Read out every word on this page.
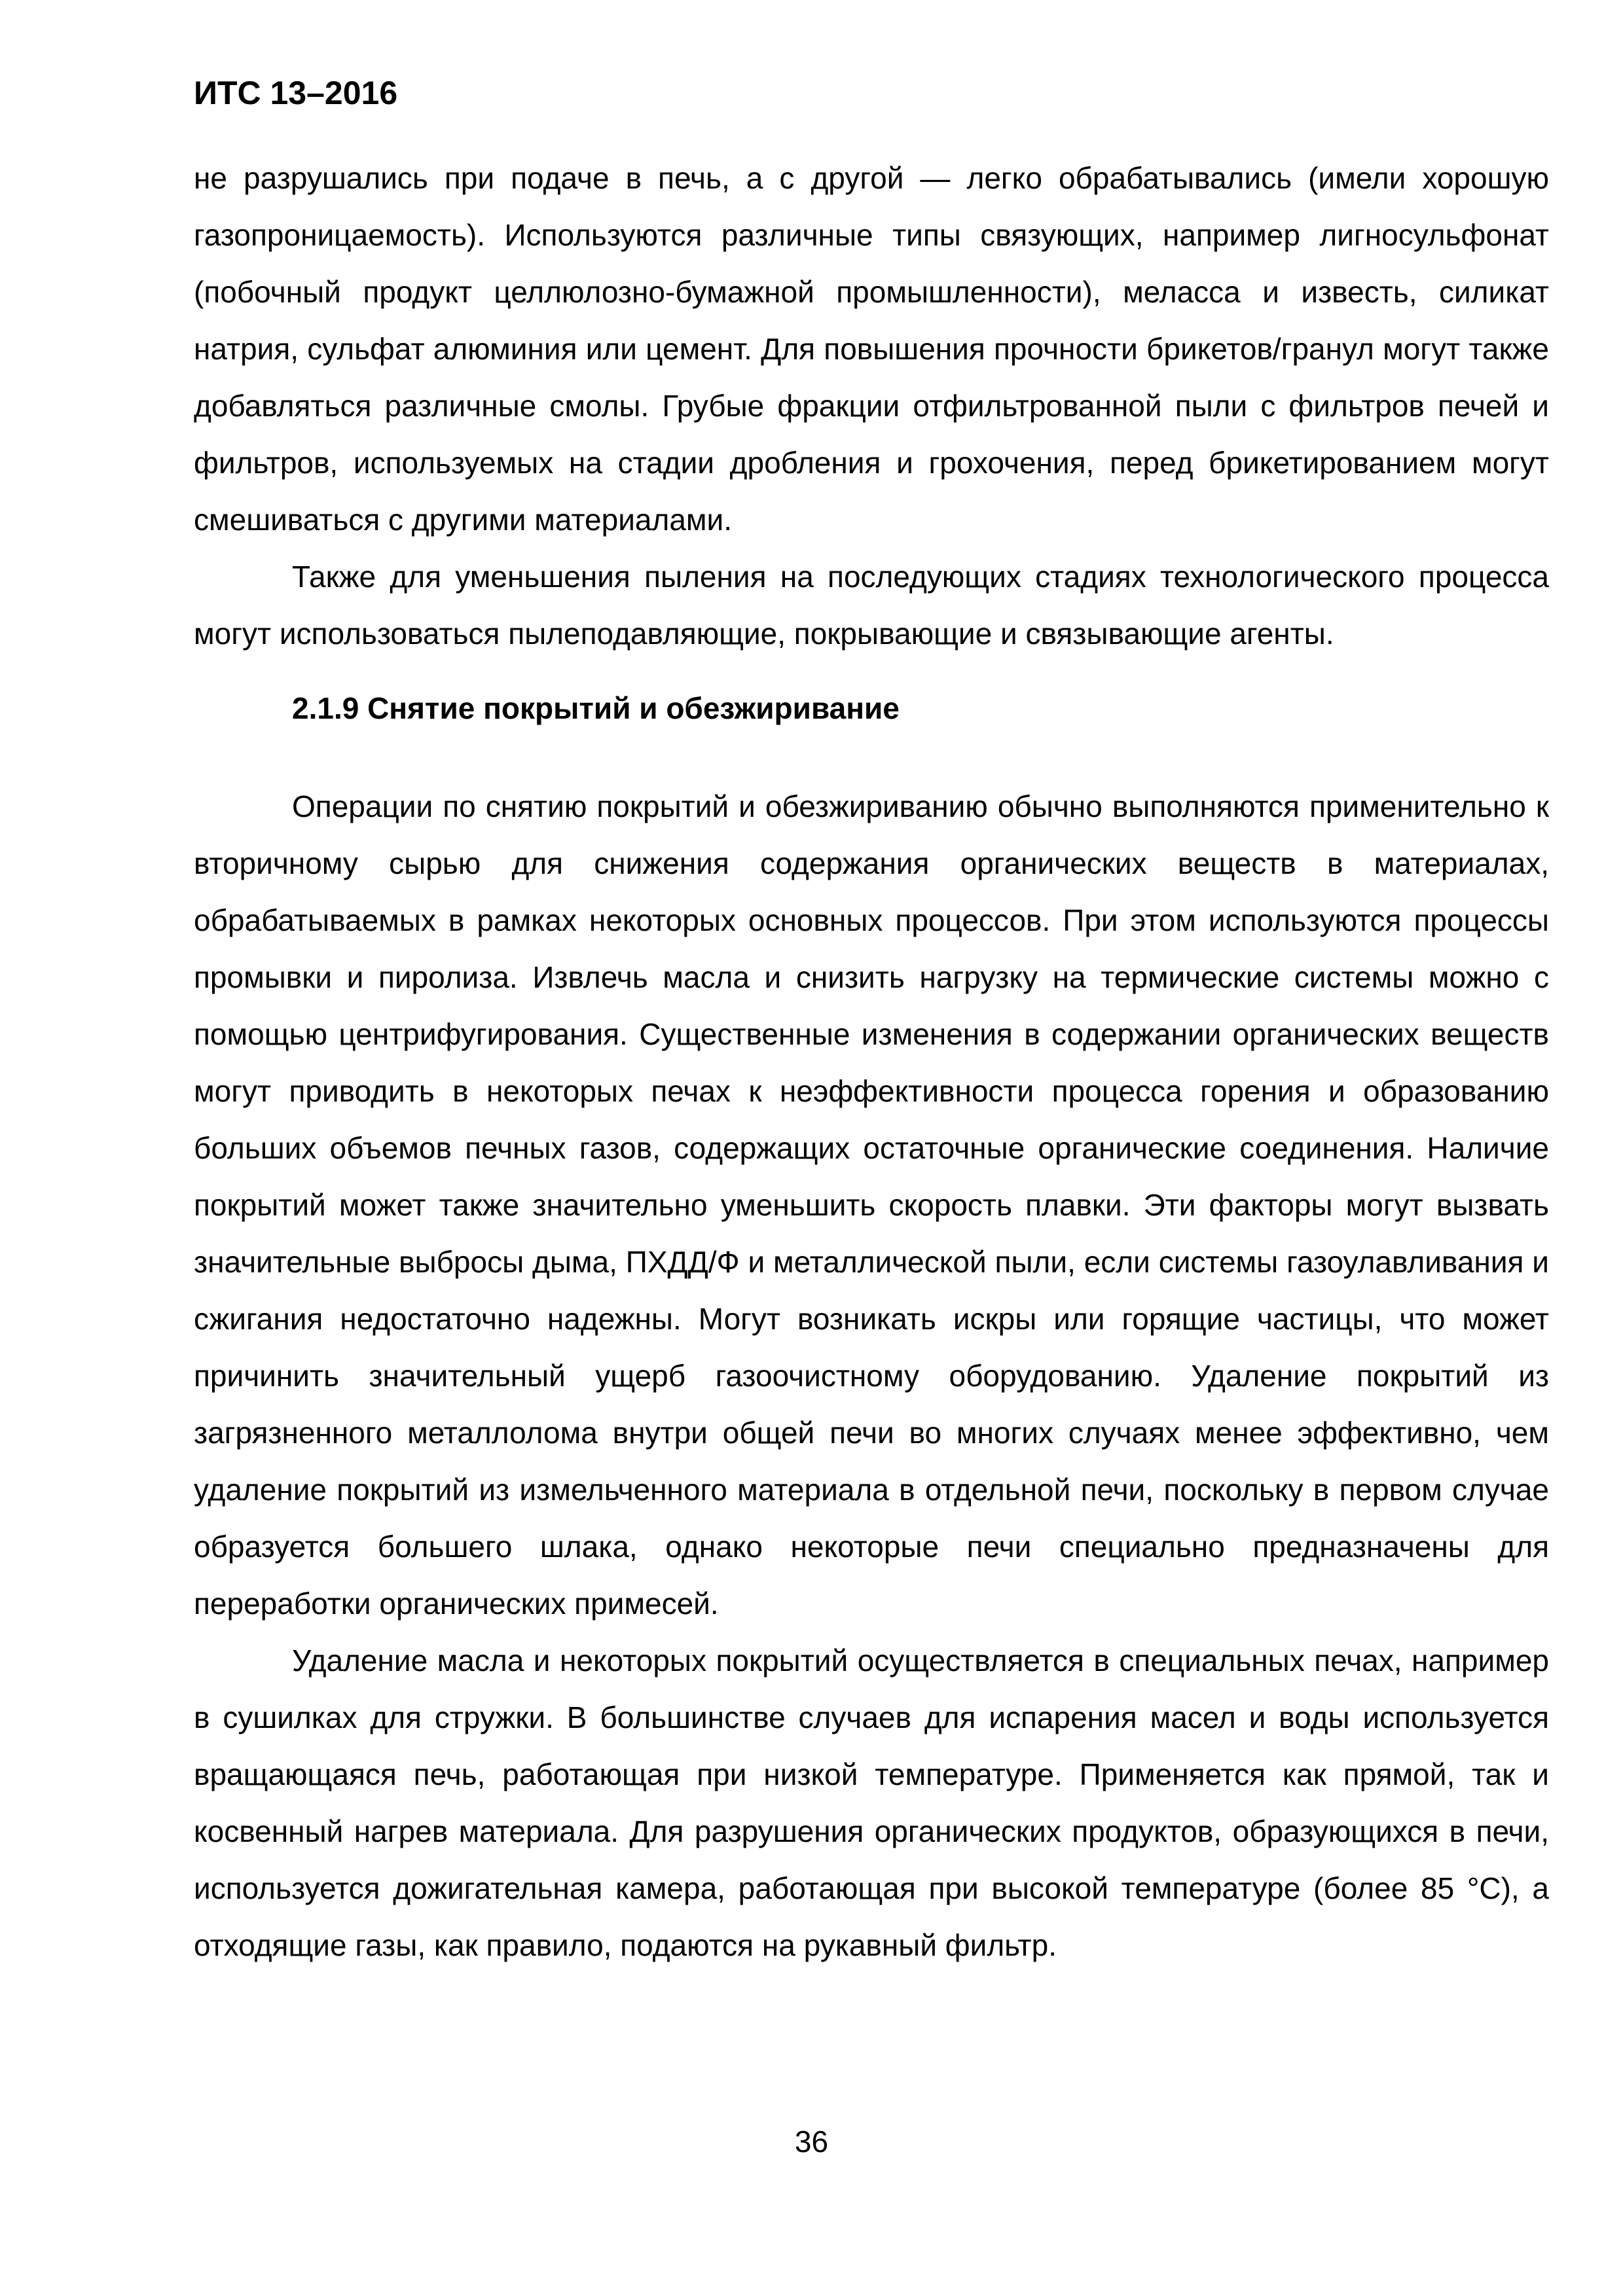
ИТС 13–2016

не разрушались при подаче в печь, а с другой — легко обрабатывались (имели хорошую газопроницаемость). Используются различные типы связующих, например лигносульфонат (побочный продукт целлюлозно-бумажной промышленности), меласса и известь, силикат натрия, сульфат алюминия или цемент. Для повышения прочности брикетов/гранул могут также добавляться различные смолы. Грубые фракции отфильтрованной пыли с фильтров печей и фильтров, используемых на стадии дробления и грохочения, перед брикетированием могут смешиваться с другими материалами.

Также для уменьшения пыления на последующих стадиях технологического процесса могут использоваться пылеподавляющие, покрывающие и связывающие агенты.

2.1.9 Снятие покрытий и обезжиривание

Операции по снятию покрытий и обезжириванию обычно выполняются применительно к вторичному сырью для снижения содержания органических веществ в материалах, обрабатываемых в рамках некоторых основных процессов. При этом используются процессы промывки и пиролиза. Извлечь масла и снизить нагрузку на термические системы можно с помощью центрифугирования. Существенные изменения в содержании органических веществ могут приводить в некоторых печах к неэффективности процесса горения и образованию больших объемов печных газов, содержащих остаточные органические соединения. Наличие покрытий может также значительно уменьшить скорость плавки. Эти факторы могут вызвать значительные выбросы дыма, ПХДД/Ф и металлической пыли, если системы газоулавливания и сжигания недостаточно надежны. Могут возникать искры или горящие частицы, что может причинить значительный ущерб газоочистному оборудованию. Удаление покрытий из загрязненного металлолома внутри общей печи во многих случаях менее эффективно, чем удаление покрытий из измельченного материала в отдельной печи, поскольку в первом случае образуется большего шлака, однако некоторые печи специально предназначены для переработки органических примесей.

Удаление масла и некоторых покрытий осуществляется в специальных печах, например в сушилках для стружки. В большинстве случаев для испарения масел и воды используется вращающаяся печь, работающая при низкой температуре. Применяется как прямой, так и косвенный нагрев материала. Для разрушения органических продуктов, образующихся в печи, используется дожигательная камера, работающая при высокой температуре (более 85 °С), а отходящие газы, как правило, подаются на рукавный фильтр.

36
